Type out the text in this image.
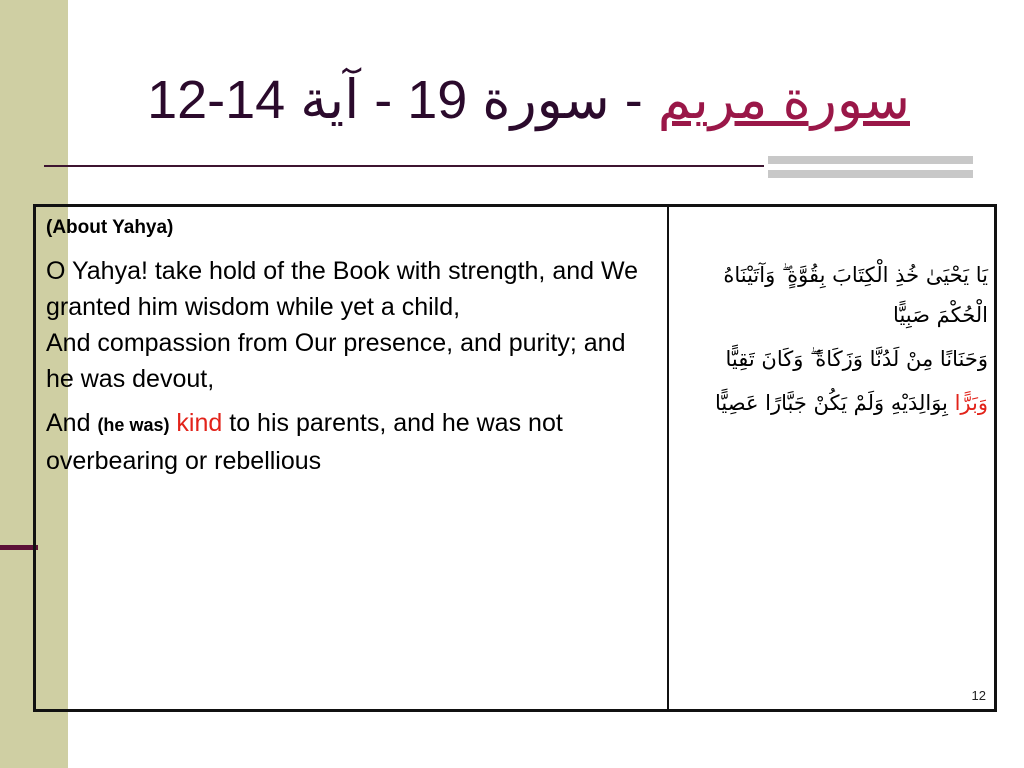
سورة مريم - سورة 19 - آية 14-12

(About Yahya)

O Yahya! take hold of the Book with strength, and We granted him wisdom while yet a child,

And compassion from Our presence, and purity; and he was devout,

And (he was) kind to his parents, and he was not overbearing or rebellious

يَا يَحْيَىٰ خُذِ الْكِتَابَ بِقُوَّةٍ ۖ وَآتَيْنَاهُ الْحُكْمَ صَبِيًّا

وَحَنَانًا مِنْ لَدُنَّا وَزَكَاةً ۖ وَكَانَ تَقِيًّا

وَبَرًّا بِوَالِدَيْهِ وَلَمْ يَكُنْ جَبَّارًا عَصِيًّا

12
